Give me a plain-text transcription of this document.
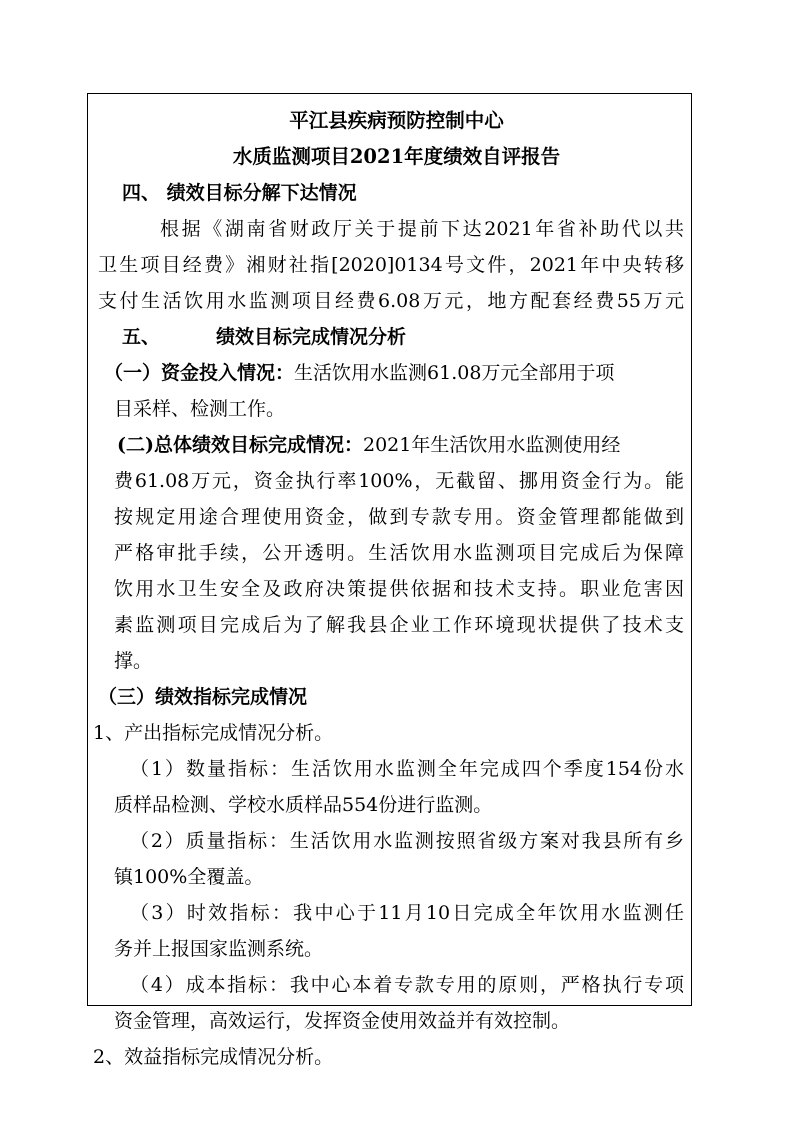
平江县疾病预防控制中心
水质监测项目2021年度绩效自评报告
四、 绩效目标分解下达情况
根据《湖南省财政厅关于提前下达2021年省补助代以共
卫生项目经费》湘财社指[2020]0134号文件，2021年中央转移
支付生活饮用水监测项目经费6.08万元，地方配套经费55万元
五、	绩效目标完成情况分析
（一）资金投入情况：生活饮用水监测61.08万元全部用于项
目采样、检测工作。
(二)总体绩效目标完成情况：2021年生活饮用水监测使用经
费61.08万元，资金执行率100%，无截留、挪用资金行为。能
按规定用途合理使用资金，做到专款专用。资金管理都能做到
严格审批手续，公开透明。生活饮用水监测项目完成后为保障
饮用水卫生安全及政府决策提供依据和技术支持。职业危害因
素监测项目完成后为了解我县企业工作环境现状提供了技术支
撑。
（三）绩效指标完成情况
1、产出指标完成情况分析。
（1）数量指标：生活饮用水监测全年完成四个季度154份水
质样品检测、学校水质样品554份进行监测。
（2）质量指标：生活饮用水监测按照省级方案对我县所有乡
镇100%全覆盖。
（3）时效指标：我中心于11月10日完成全年饮用水监测任
务并上报国家监测系统。
（4）成本指标：我中心本着专款专用的原则，严格执行专项
资金管理，高效运行，发挥资金使用效益并有效控制。
2、效益指标完成情况分析。
